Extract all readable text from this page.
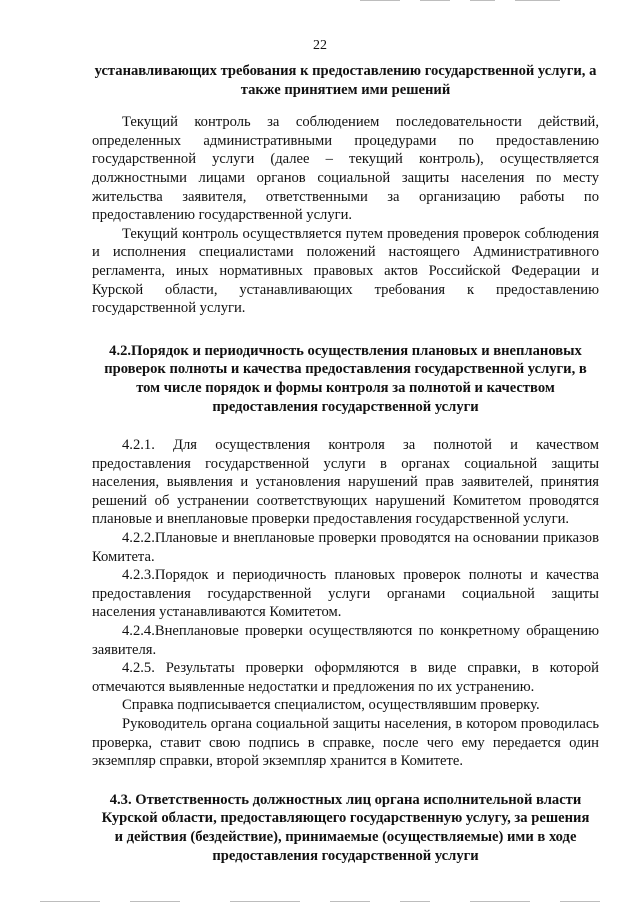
22

устанавливающих требования к предоставлению государственной услуги, а также принятием ими решений

Текущий контроль за соблюдением последовательности действий, определенных административными процедурами по предоставлению государственной услуги (далее – текущий контроль), осуществляется должностными лицами органов социальной защиты населения по месту жительства заявителя, ответственными за организацию работы по предоставлению государственной услуги.

Текущий контроль осуществляется путем проведения проверок соблюдения и исполнения специалистами положений настоящего Административного регламента, иных нормативных правовых актов Российской Федерации и Курской области, устанавливающих требования к предоставлению государственной услуги.

4.2.Порядок и периодичность осуществления плановых и внеплановых проверок полноты и качества предоставления государственной услуги, в том числе порядок и формы контроля за полнотой и качеством предоставления государственной услуги

4.2.1. Для осуществления контроля за полнотой и качеством предоставления государственной услуги в органах социальной защиты населения, выявления и установления нарушений прав заявителей, принятия решений об устранении соответствующих нарушений Комитетом проводятся плановые и внеплановые проверки предоставления государственной услуги.

4.2.2.Плановые и внеплановые проверки проводятся на основании приказов Комитета.

4.2.3.Порядок и периодичность плановых проверок полноты и качества предоставления государственной услуги органами социальной защиты населения устанавливаются Комитетом.

4.2.4.Внеплановые проверки осуществляются по конкретному обращению заявителя.

4.2.5. Результаты проверки оформляются в виде справки, в которой отмечаются выявленные недостатки и предложения по их устранению.

Справка подписывается специалистом, осуществлявшим проверку.

Руководитель органа социальной защиты населения, в котором проводилась проверка, ставит свою подпись в справке, после чего ему передается один экземпляр справки, второй экземпляр хранится в Комитете.

4.3. Ответственность должностных лиц органа исполнительной власти Курской области, предоставляющего государственную услугу, за решения и действия (бездействие), принимаемые (осуществляемые) ими в ходе предоставления государственной услуги
